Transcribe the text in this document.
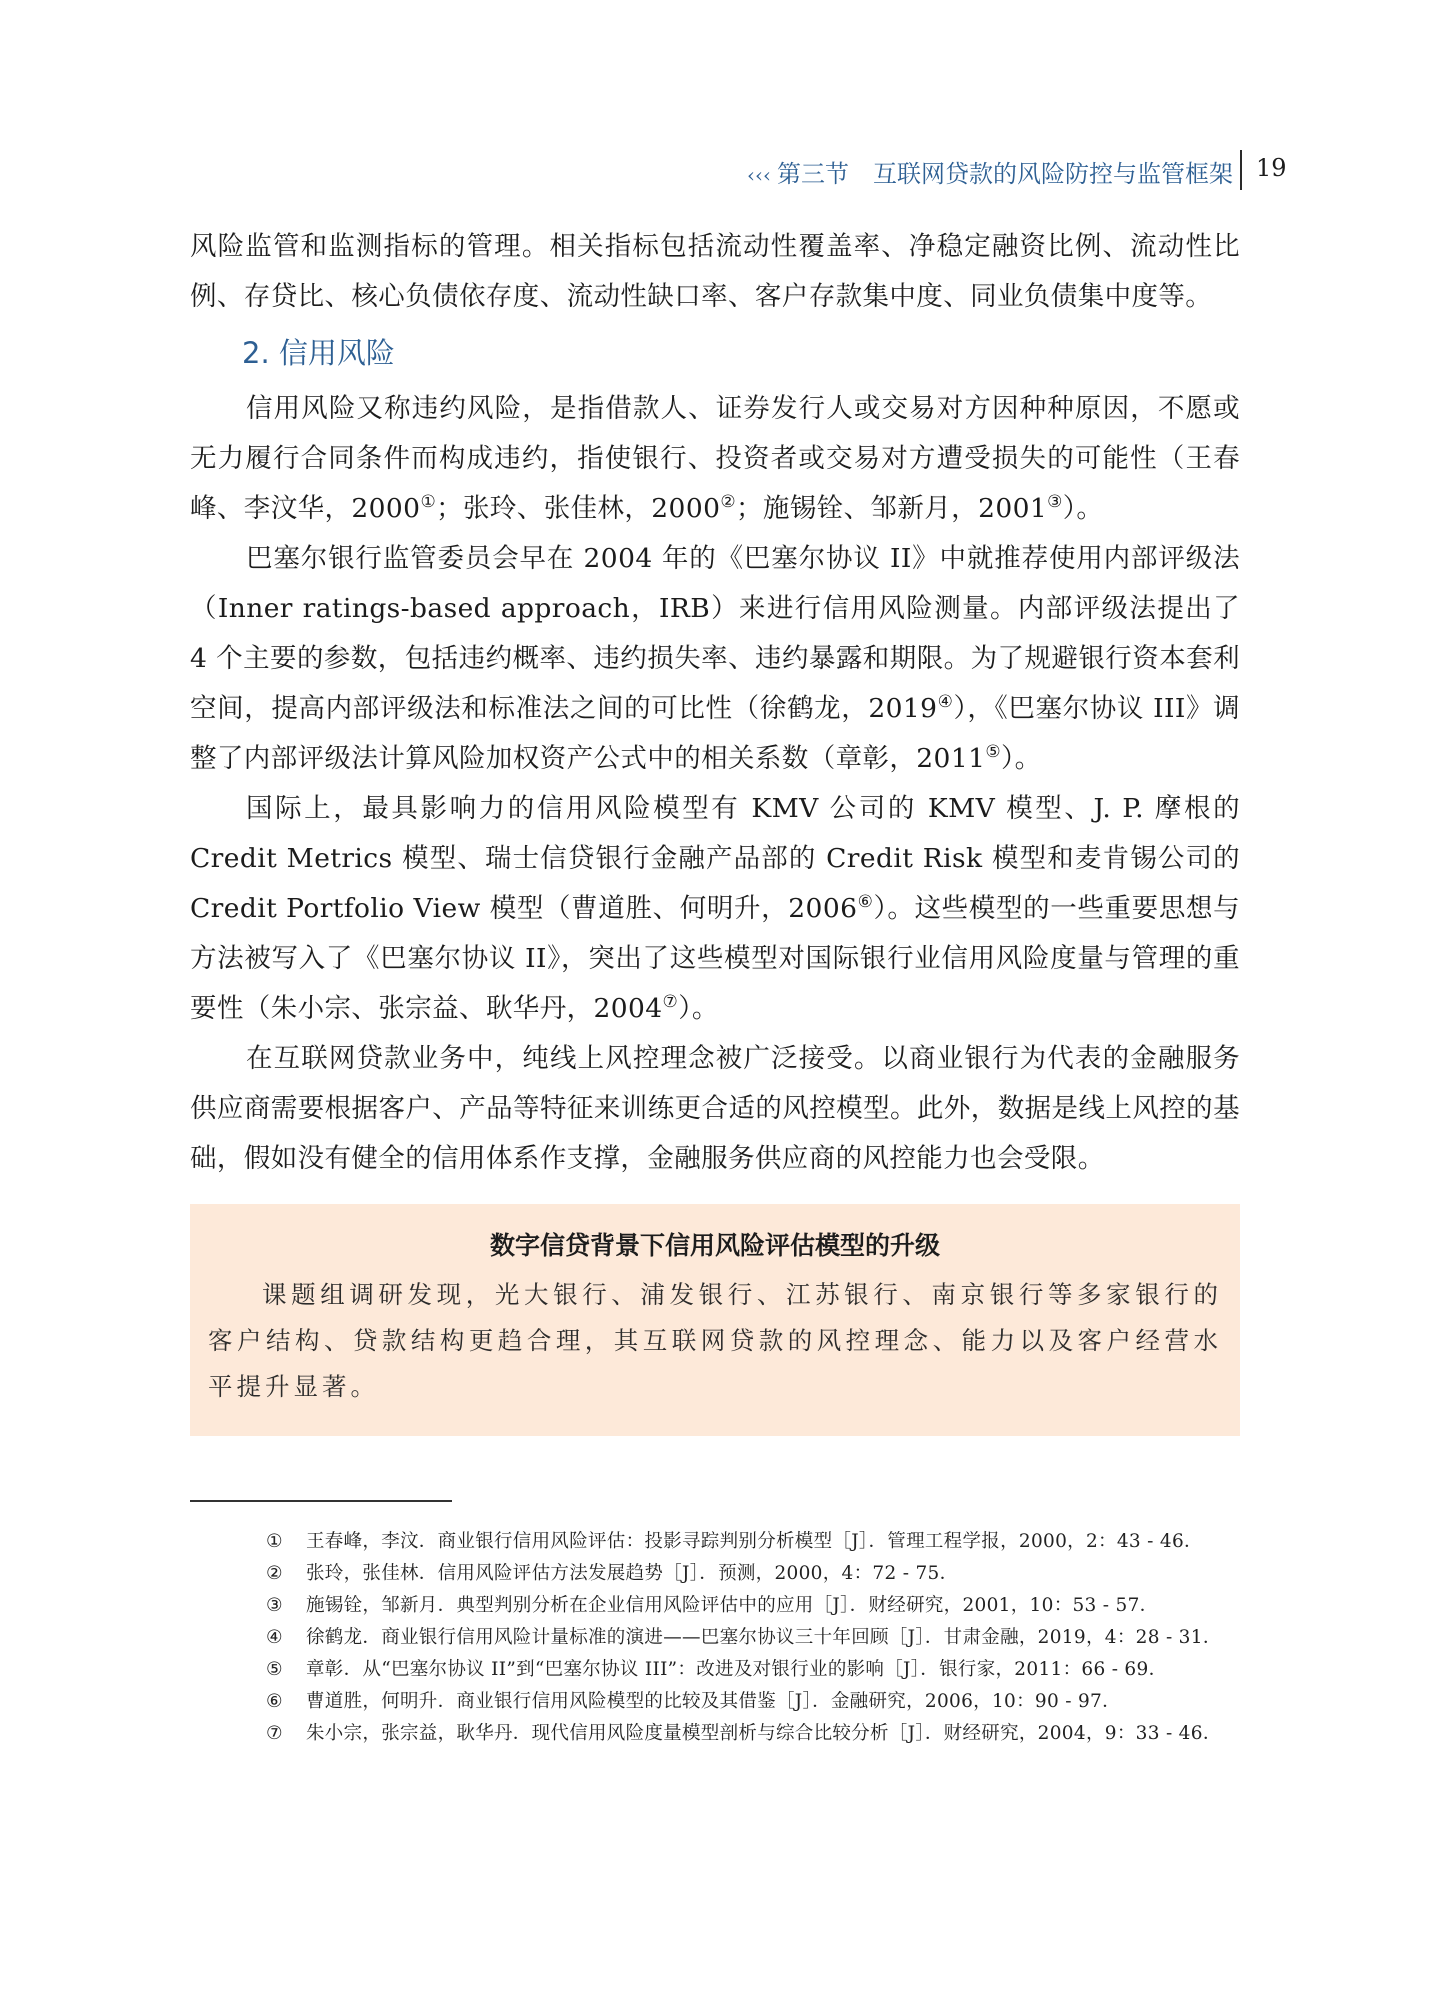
‹‹‹ 第三节　互联网贷款的风险防控与监管框架 19

风险监管和监测指标的管理。相关指标包括流动性覆盖率、净稳定融资比例、流动性比例、存贷比、核心负债依存度、流动性缺口率、客户存款集中度、同业负债集中度等。

2. 信用风险

信用风险又称违约风险，是指借款人、证券发行人或交易对方因种种原因，不愿或无力履行合同条件而构成违约，指使银行、投资者或交易对方遭受损失的可能性（王春峰、李汶华，2000①；张玲、张佳林，2000②；施锡铨、邹新月，2001③）。

巴塞尔银行监管委员会早在 2004 年的《巴塞尔协议 II》中就推荐使用内部评级法（Inner ratings-based approach，IRB）来进行信用风险测量。内部评级法提出了 4 个主要的参数，包括违约概率、违约损失率、违约暴露和期限。为了规避银行资本套利空间，提高内部评级法和标准法之间的可比性（徐鹤龙，2019④），《巴塞尔协议 III》调整了内部评级法计算风险加权资产公式中的相关系数（章彰，2011⑤）。

国际上，最具影响力的信用风险模型有 KMV 公司的 KMV 模型、J. P. 摩根的 Credit Metrics 模型、瑞士信贷银行金融产品部的 Credit Risk 模型和麦肯锡公司的 Credit Portfolio View 模型（曹道胜、何明升，2006⑥）。这些模型的一些重要思想与方法被写入了《巴塞尔协议 II》，突出了这些模型对国际银行业信用风险度量与管理的重要性（朱小宗、张宗益、耿华丹，2004⑦）。

在互联网贷款业务中，纯线上风控理念被广泛接受。以商业银行为代表的金融服务供应商需要根据客户、产品等特征来训练更合适的风控模型。此外，数据是线上风控的基础，假如没有健全的信用体系作支撑，金融服务供应商的风控能力也会受限。

数字信贷背景下信用风险评估模型的升级

课题组调研发现，光大银行、浦发银行、江苏银行、南京银行等多家银行的客户结构、贷款结构更趋合理，其互联网贷款的风控理念、能力以及客户经营水平提升显著。

① 王春峰，李汶．商业银行信用风险评估：投影寻踪判别分析模型［J］．管理工程学报，2000，2：43 - 46．

② 张玲，张佳林．信用风险评估方法发展趋势［J］．预测，2000，4：72 - 75．

③ 施锡铨，邹新月．典型判别分析在企业信用风险评估中的应用［J］．财经研究，2001，10：53 - 57．

④ 徐鹤龙．商业银行信用风险计量标准的演进——巴塞尔协议三十年回顾［J］．甘肃金融，2019，4：28 - 31．

⑤ 章彰．从“巴塞尔协议 II”到“巴塞尔协议 III”：改进及对银行业的影响［J］．银行家，2011：66 - 69．

⑥ 曹道胜，何明升．商业银行信用风险模型的比较及其借鉴［J］．金融研究，2006，10：90 - 97．

⑦ 朱小宗，张宗益，耿华丹．现代信用风险度量模型剖析与综合比较分析［J］．财经研究，2004，9：33 - 46．
